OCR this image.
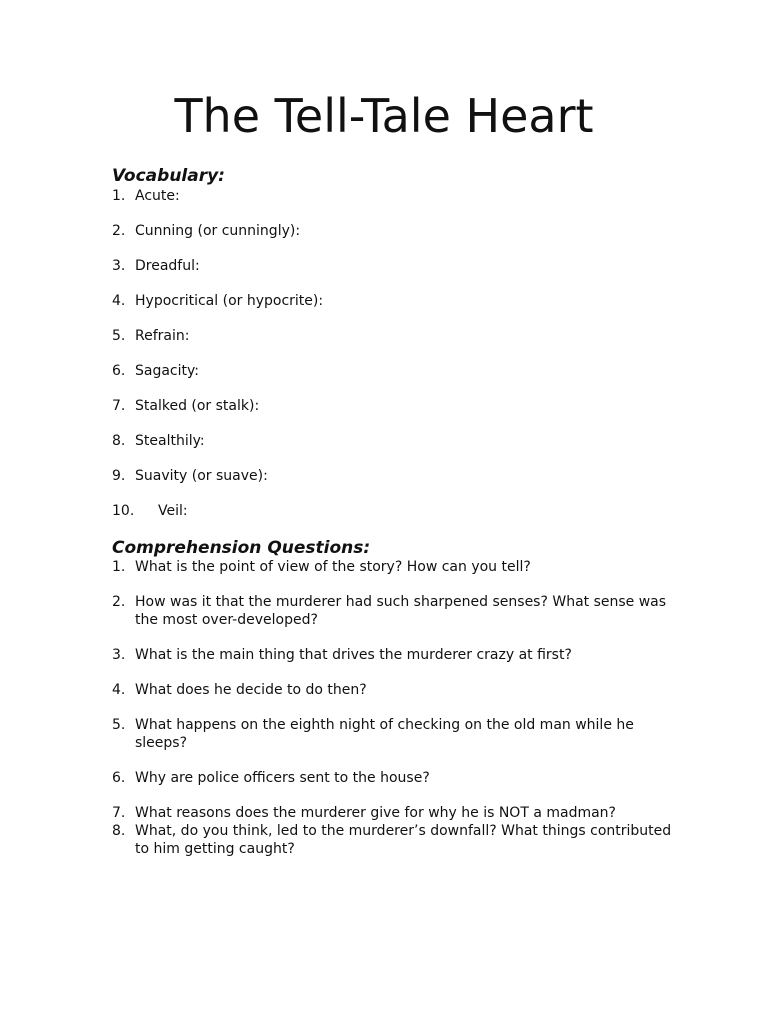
The Tell-Tale Heart
Vocabulary:
1. Acute:
2. Cunning (or cunningly):
3. Dreadful:
4. Hypocritical (or hypocrite):
5. Refrain:
6. Sagacity:
7. Stalked (or stalk):
8. Stealthily:
9. Suavity (or suave):
10. Veil:
Comprehension Questions:
1. What is the point of view of the story? How can you tell?
2. How was it that the murderer had such sharpened senses? What sense was the most over-developed?
3. What is the main thing that drives the murderer crazy at first?
4. What does he decide to do then?
5. What happens on the eighth night of checking on the old man while he sleeps?
6. Why are police officers sent to the house?
7. What reasons does the murderer give for why he is NOT a madman?
8. What, do you think, led to the murderer’s downfall? What things contributed to him getting caught?
